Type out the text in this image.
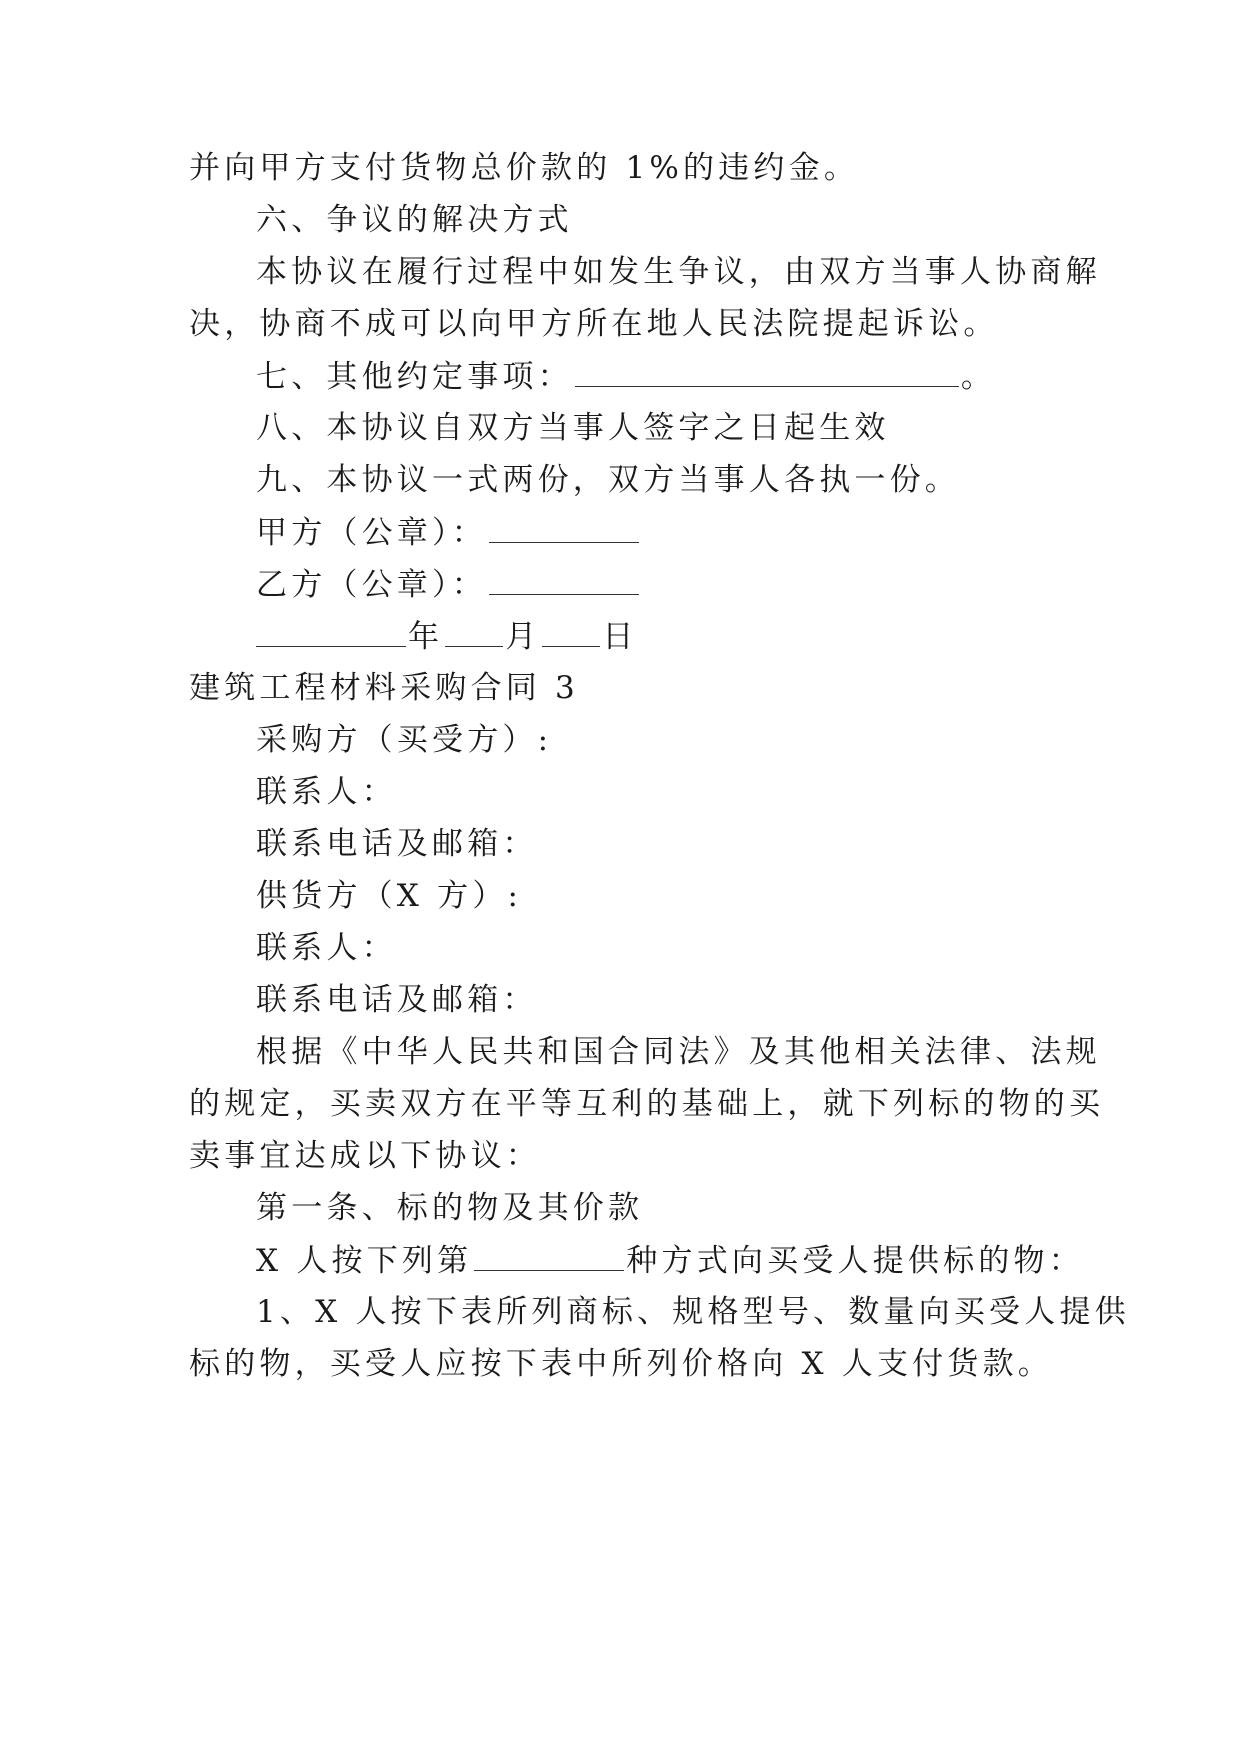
并向甲方支付货物总价款的 1%的违约金。
六、争议的解决方式
本协议在履行过程中如发生争议，由双方当事人协商解
决，协商不成可以向甲方所在地人民法院提起诉讼。
七、其他约定事项：	。
八、本协议自双方当事人签字之日起生效
九、本协议一式两份，双方当事人各执一份。
甲方（公章）：
乙方（公章）：
年 月 日
建筑工程材料采购合同 3
采购方（买受方）:
联系人：
联系电话及邮箱：
供货方（X 方）:
联系人：
联系电话及邮箱：
根据《中华人民共和国合同法》及其他相关法律、法规
的规定，买卖双方在平等互利的基础上，就下列标的物的买
卖事宜达成以下协议：
第一条、标的物及其价款
X 人按下列第	种方式向买受人提供标的物：
1、X 人按下表所列商标、规格型号、数量向买受人提供
标的物，买受人应按下表中所列价格向 X 人支付货款。
